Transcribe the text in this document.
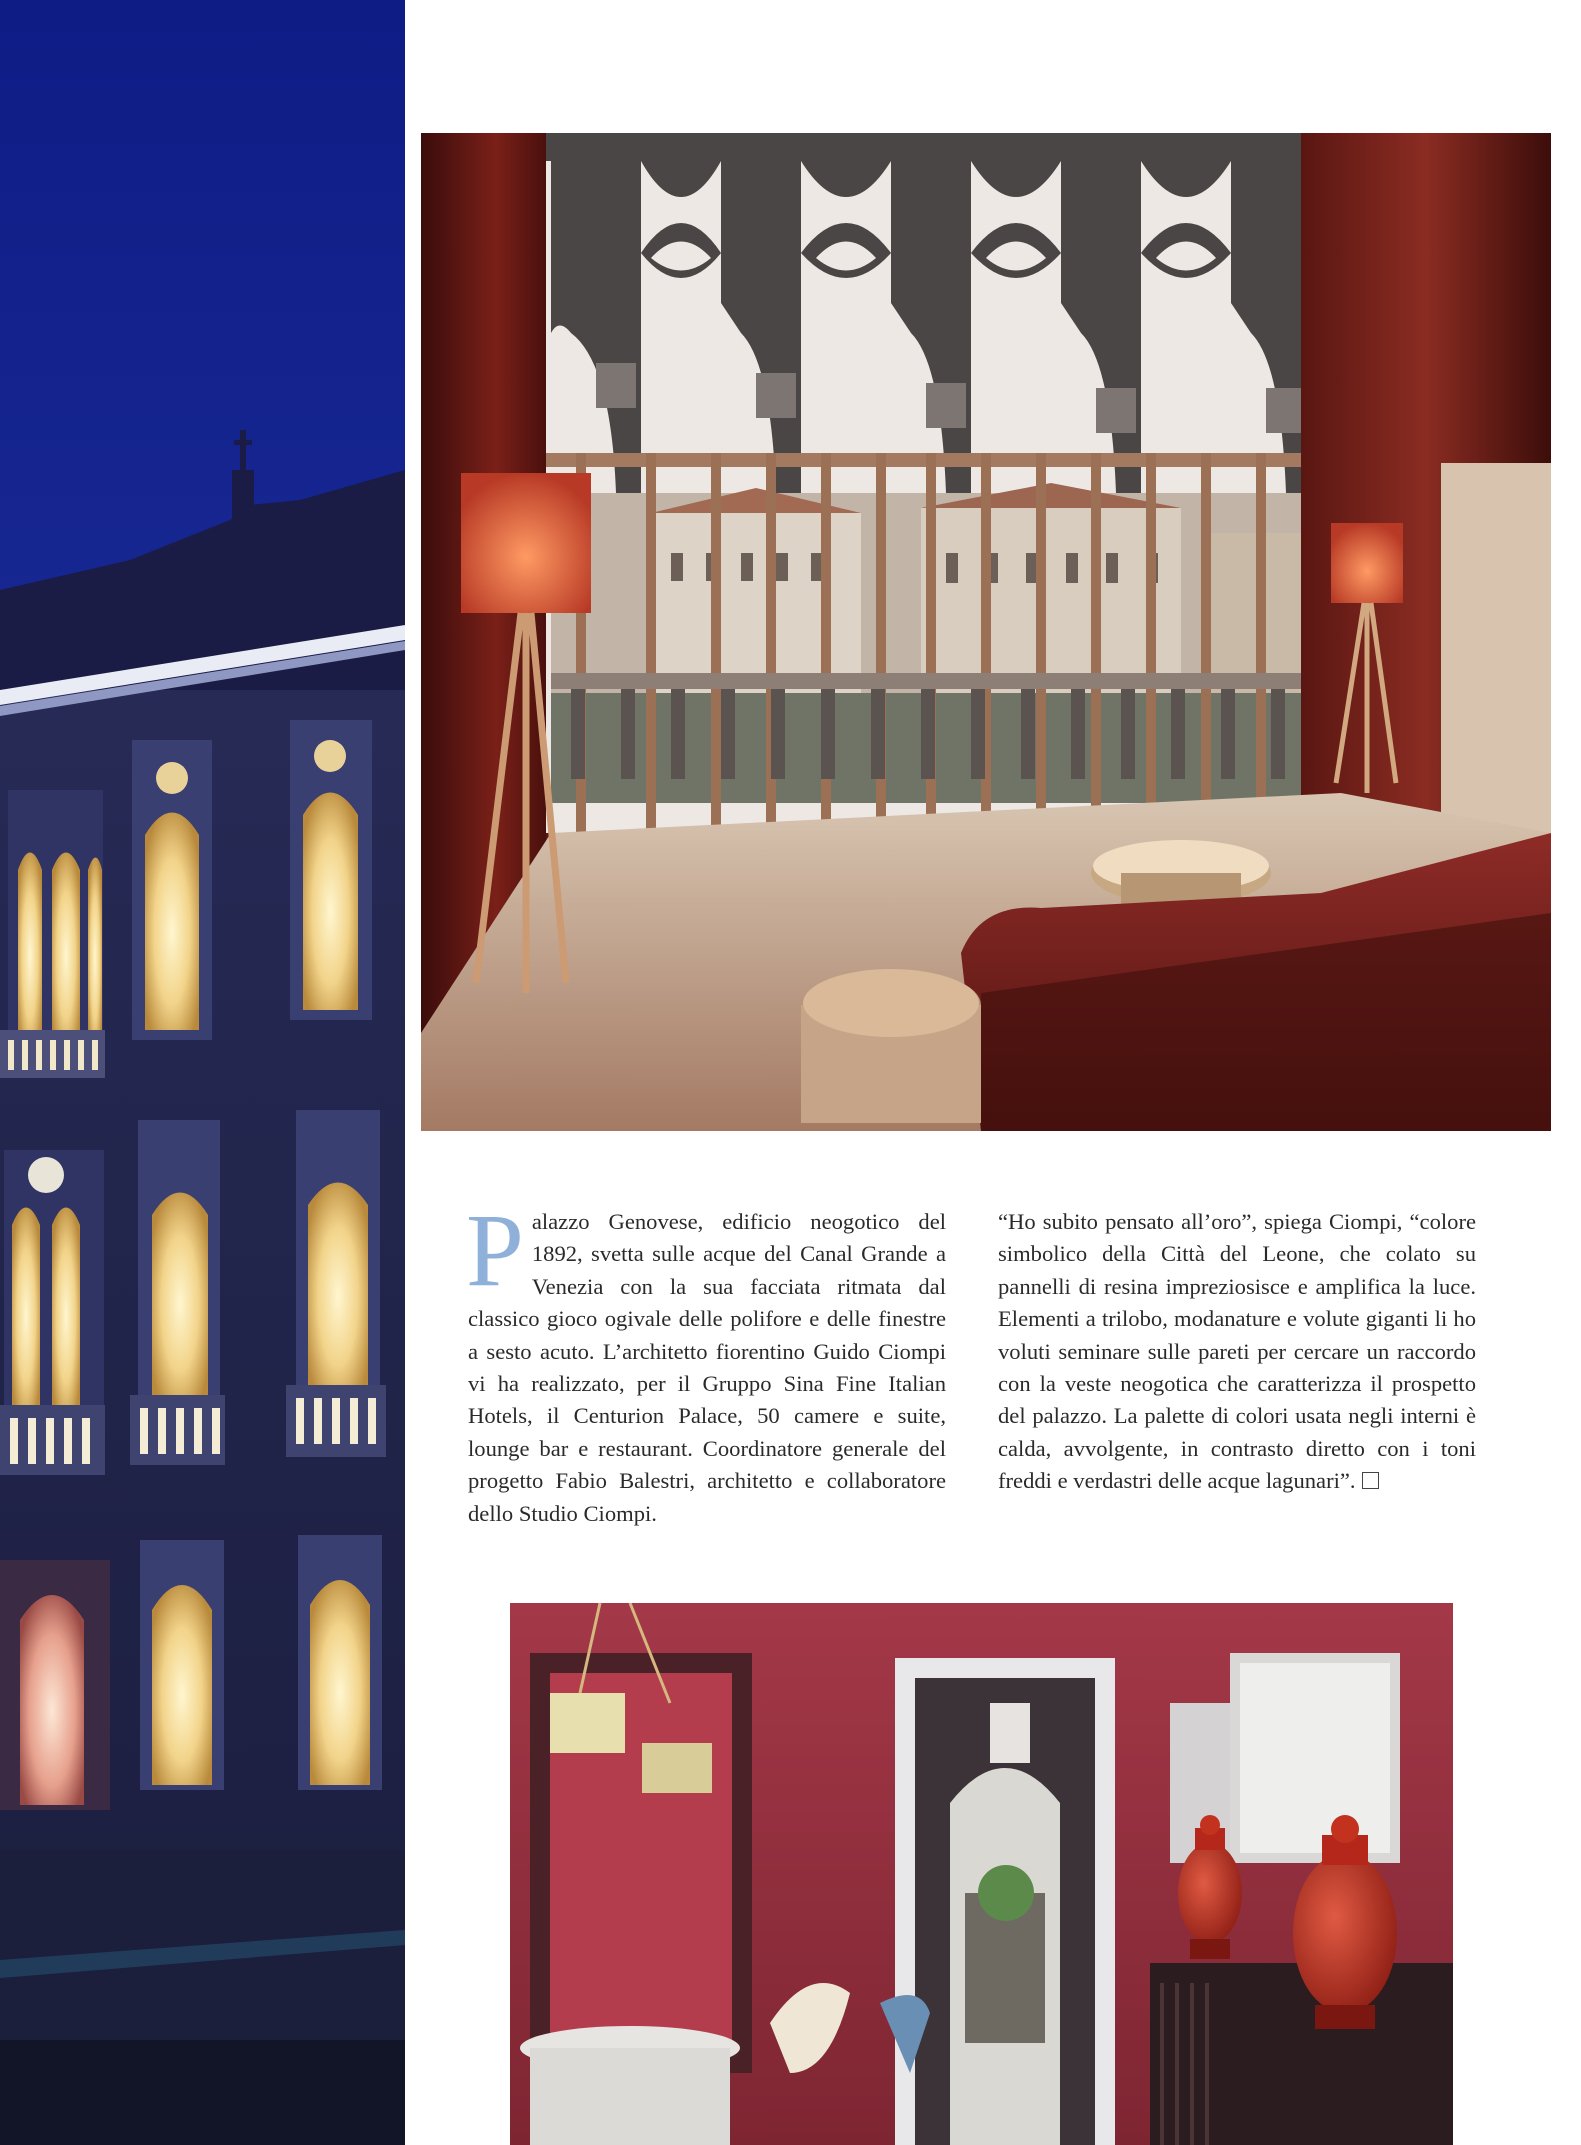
Palazzo Genovese, edificio neogotico del 1892, svetta sulle acque del Canal Grande a Venezia con la sua facciata ritmata dal classico gioco ogivale delle polifore e delle finestre a sesto acuto. L’architetto fiorentino Guido Ciompi vi ha realizzato, per il Gruppo Sina Fine Italian Hotels, il Centurion Palace, 50 camere e suite, lounge bar e restaurant. Coordinatore generale del progetto Fabio Balestri, architetto e collaboratore dello Studio Ciompi.

“Ho subito pensato all’oro”, spiega Ciompi, “colore simbolico della Città del Leone, che colato su pannelli di resina impreziosisce e amplifica la luce. Elementi a trilobo, modanature e volute giganti li ho voluti seminare sulle pareti per cercare un raccordo con la veste neogotica che caratterizza il prospetto del palazzo. La palette di colori usata negli interni è calda, avvolgente, in contrasto diretto con i toni freddi e verdastri delle acque lagunari”.
